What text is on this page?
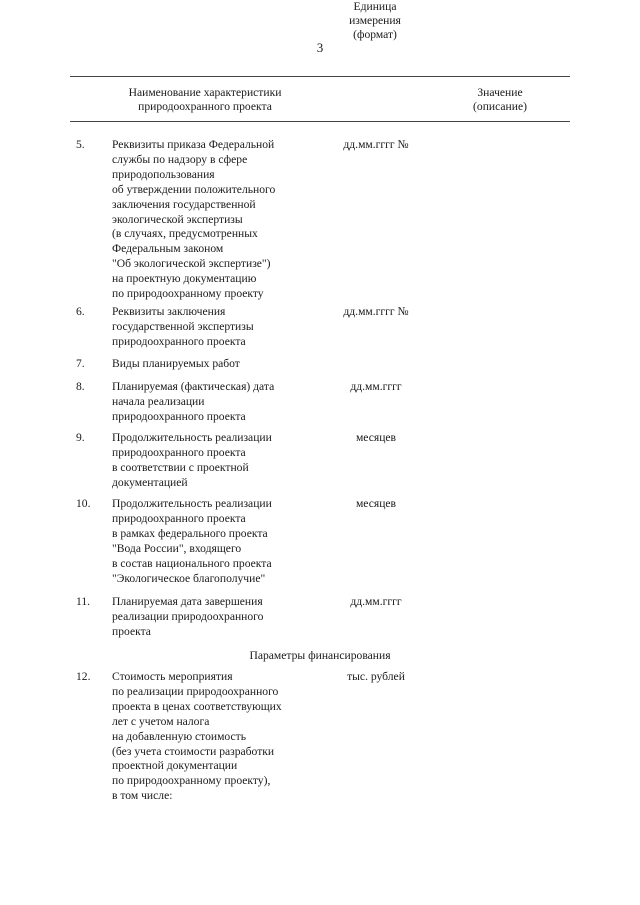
3
Наименование характеристики
природоохранного проекта
Единица
измерения
(формат)
Значение
(описание)
5. Реквизиты приказа Федеральной
службы по надзору в сфере
природопользования
об утверждении положительного
заключения государственной
экологической экспертизы
(в случаях, предусмотренных
Федеральным законом
"Об экологической экспертизе")
на проектную документацию
по природоохранному проекту
дд.мм.гггг №
6. Реквизиты заключения
государственной экспертизы
природоохранного проекта
дд.мм.гггг №
7. Виды планируемых работ
8. Планируемая (фактическая) дата
начала реализации
природоохранного проекта
дд.мм.гггг
9. Продолжительность реализации
природоохранного проекта
в соответствии с проектной
документацией
месяцев
10. Продолжительность реализации
природоохранного проекта
в рамках федерального проекта
"Вода России", входящего
в состав национального проекта
"Экологическое благополучие"
месяцев
11. Планируемая дата завершения
реализации природоохранного
проекта
дд.мм.гггг
Параметры финансирования
12. Стоимость мероприятия
по реализации природоохранного
проекта в ценах соответствующих
лет с учетом налога
на добавленную стоимость
(без учета стоимости разработки
проектной документации
по природоохранному проекту),
в том числе:
тыс. рублей
